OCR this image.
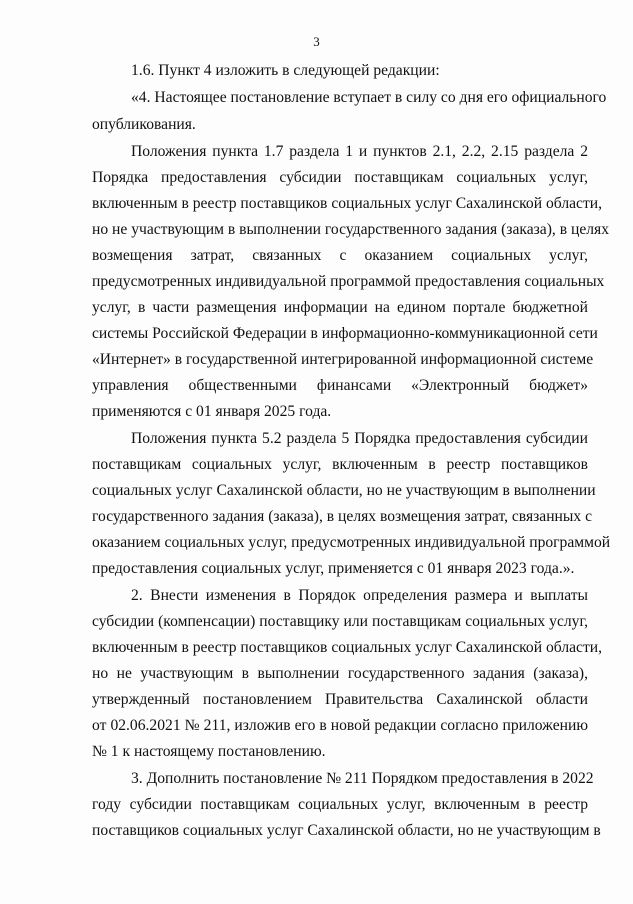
3
1.6. Пункт 4 изложить в следующей редакции:
«4. Настоящее постановление вступает в силу со дня его официального
опубликования.
Положения пункта 1.7 раздела 1 и пунктов 2.1, 2.2, 2.15 раздела 2
Порядка предоставления субсидии поставщикам социальных услуг,
включенным в реестр поставщиков социальных услуг Сахалинской области,
но не участвующим в выполнении государственного задания (заказа), в целях
возмещения затрат, связанных с оказанием социальных услуг,
предусмотренных индивидуальной программой предоставления социальных
услуг, в части размещения информации на едином портале бюджетной
системы Российской Федерации в информационно-коммуникационной сети
«Интернет» в государственной интегрированной информационной системе
управления общественными финансами «Электронный бюджет»
применяются с 01 января 2025 года.
Положения пункта 5.2 раздела 5 Порядка предоставления субсидии
поставщикам социальных услуг, включенным в реестр поставщиков
социальных услуг Сахалинской области, но не участвующим в выполнении
государственного задания (заказа), в целях возмещения затрат, связанных с
оказанием социальных услуг, предусмотренных индивидуальной программой
предоставления социальных услуг, применяется с 01 января 2023 года.».
2. Внести изменения в Порядок определения размера и выплаты
субсидии (компенсации) поставщику или поставщикам социальных услуг,
включенным в реестр поставщиков социальных услуг Сахалинской области,
но не участвующим в выполнении государственного задания (заказа),
утвержденный постановлением Правительства Сахалинской области
от 02.06.2021 № 211, изложив его в новой редакции согласно приложению
№ 1 к настоящему постановлению.
3. Дополнить постановление № 211 Порядком предоставления в 2022
году субсидии поставщикам социальных услуг, включенным в реестр
поставщиков социальных услуг Сахалинской области, но не участвующим в
